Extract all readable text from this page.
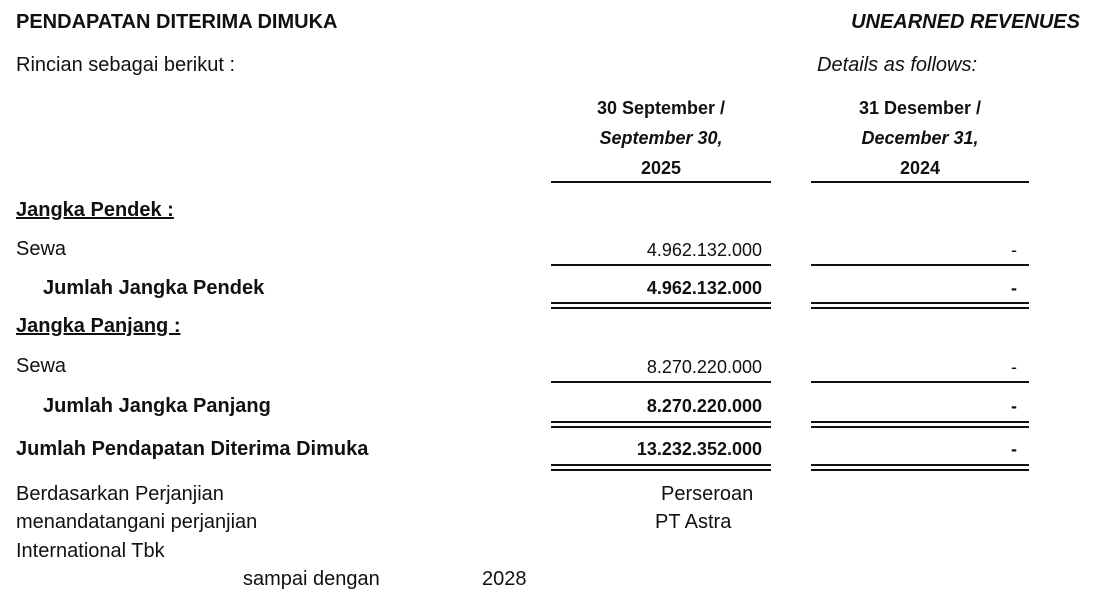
PENDAPATAN DITERIMA DIMUKA	UNEARNED REVENUES
Rincian sebagai berikut :	Details as follows:
30 September /
September 30,
2025
31 Desember /
December 31,
2024
Jangka Pendek :
Sewa	4.962.132.000	-
Jumlah Jangka Pendek	4.962.132.000	-
Jangka Panjang :
Sewa	8.270.220.000	-
Jumlah Jangka Panjang	8.270.220.000	-
Jumlah Pendapatan Diterima Dimuka	13.232.352.000	-
Berdasarkan Perjanjian	Perseroan
menandatangani perjanjian	PT Astra
International Tbk
sampai dengan	2028
